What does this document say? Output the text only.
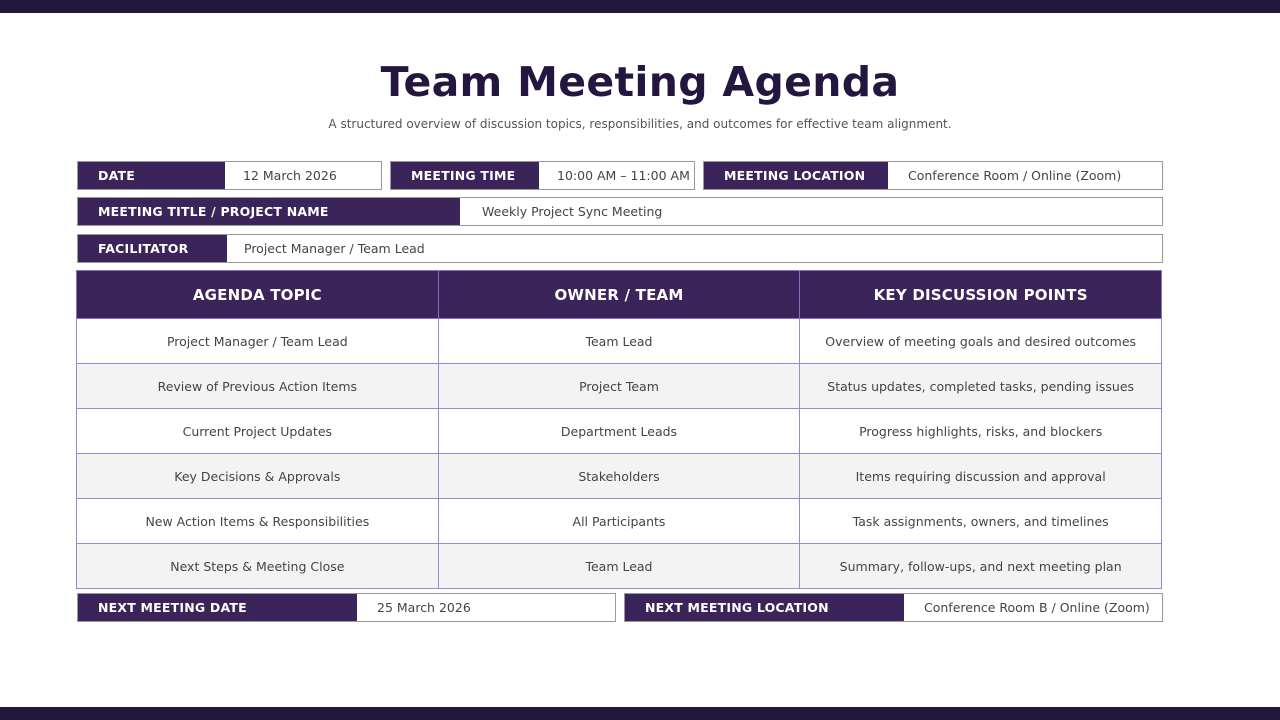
Team Meeting Agenda
A structured overview of discussion topics, responsibilities, and outcomes for effective team alignment.
DATE	12 March 2026	MEETING TIME	10:00 AM – 11:00 AM	MEETING LOCATION	Conference Room / Online (Zoom)
MEETING TITLE / PROJECT NAME	Weekly Project Sync Meeting
FACILITATOR	Project Manager / Team Lead
AGENDA TOPIC	OWNER / TEAM	KEY DISCUSSION POINTS
Project Manager / Team Lead	Team Lead	Overview of meeting goals and desired outcomes
Review of Previous Action Items	Project Team	Status updates, completed tasks, pending issues
Current Project Updates	Department Leads	Progress highlights, risks, and blockers
Key Decisions & Approvals	Stakeholders	Items requiring discussion and approval
New Action Items & Responsibilities	All Participants	Task assignments, owners, and timelines
Next Steps & Meeting Close	Team Lead	Summary, follow-ups, and next meeting plan
NEXT MEETING DATE	25 March 2026	NEXT MEETING LOCATION	Conference Room B / Online (Zoom)
